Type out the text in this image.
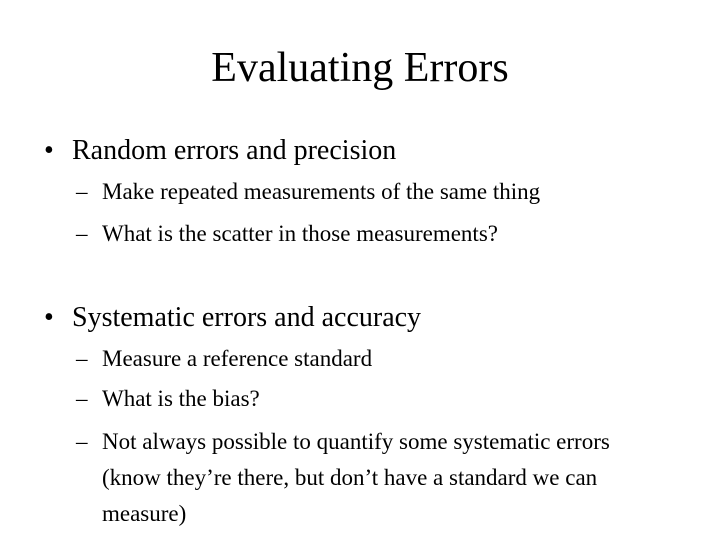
Evaluating Errors
• Random errors and precision
– Make repeated measurements of the same thing
– What is the scatter in those measurements?
• Systematic errors and accuracy
– Measure a reference standard
– What is the bias?
– Not always possible to quantify some systematic errors (know they’re there, but don’t have a standard we can measure)
